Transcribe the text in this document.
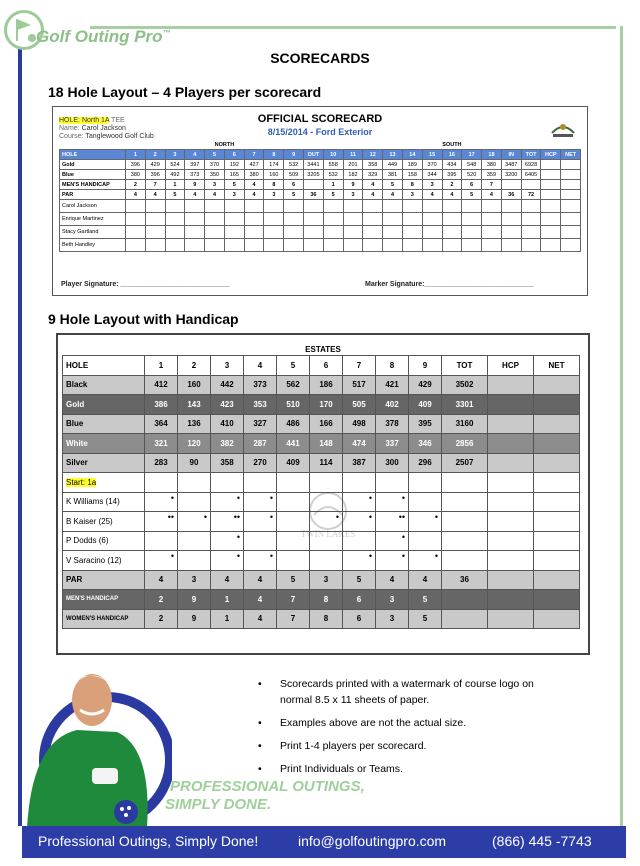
Golf Outing Pro™
SCORECARDS
18 Hole Layout – 4 Players per scorecard
HOLE: North 1A TEE
Name: Carol Jackson
Course: Tanglewood Golf Club
OFFICIAL SCORECARD
8/15/2014 - Ford Exterior
	NORTH										SOUTH												
HOLE	1	2	3	4	5	6	7	8	9	OUT	10	11	12	13	14	15	16	17	18	IN	TOT	HCP	NET
Gold	396	429	524	397	370	192	427	174	532	3441	558	201	358	449	189	370	434	548	380	3487	6928		
Blue	380	396	492	373	350	165	380	160	509	3205	532	182	329	381	158	344	395	520	359	3200	6405		
MEN'S HANDICAP	2	7	1	9	3	5	4	8	6		1	9	4	5	8	3	2	6	7				
PAR	4	4	5	4	4	3	4	3	5	36	5	3	4	4	3	4	4	5	4	36	72		
Carol Jackson																							
Enrique Martinez																							
Stacy Gartland																							
Beth Handley																							
Player Signature: ____________________________	Marker Signature:____________________________
9 Hole Layout with Handicap
ESTATES
HOLE	1	2	3	4	5	6	7	8	9	TOT	HCP	NET
Black	412	160	442	373	562	186	517	421	429	3502		
Gold	386	143	423	353	510	170	505	402	409	3301		
Blue	364	136	410	327	486	166	498	378	395	3160		
White	321	120	382	287	441	148	474	337	346	2856		
Silver	283	90	358	270	409	114	387	300	296	2507		
Start: 1a												
K Williams (14)	•		•	•			•	•				
B Kaiser (25)	••	•	••	•		•	•	••	•			
P Dodds (6)			•					•				
V Saracino (12)	•		•	•			•	•	•			
PAR	4	3	4	4	5	3	5	4	4	36		
MEN'S HANDICAP	2	9	1	4	7	8	6	3	5			
WOMEN'S HANDICAP	2	9	1	4	7	8	6	3	5			
TWIN LAKES
• Scorecards printed with a watermark of course logo on normal 8.5 x 11 sheets of paper.
• Examples above are not the actual size.
• Print 1-4 players per scorecard.
• Print Individuals or Teams.
PROFESSIONAL OUTINGS,
SIMPLY DONE.
Professional Outings, Simply Done!	info@golfoutingpro.com	(866) 445 -7743
